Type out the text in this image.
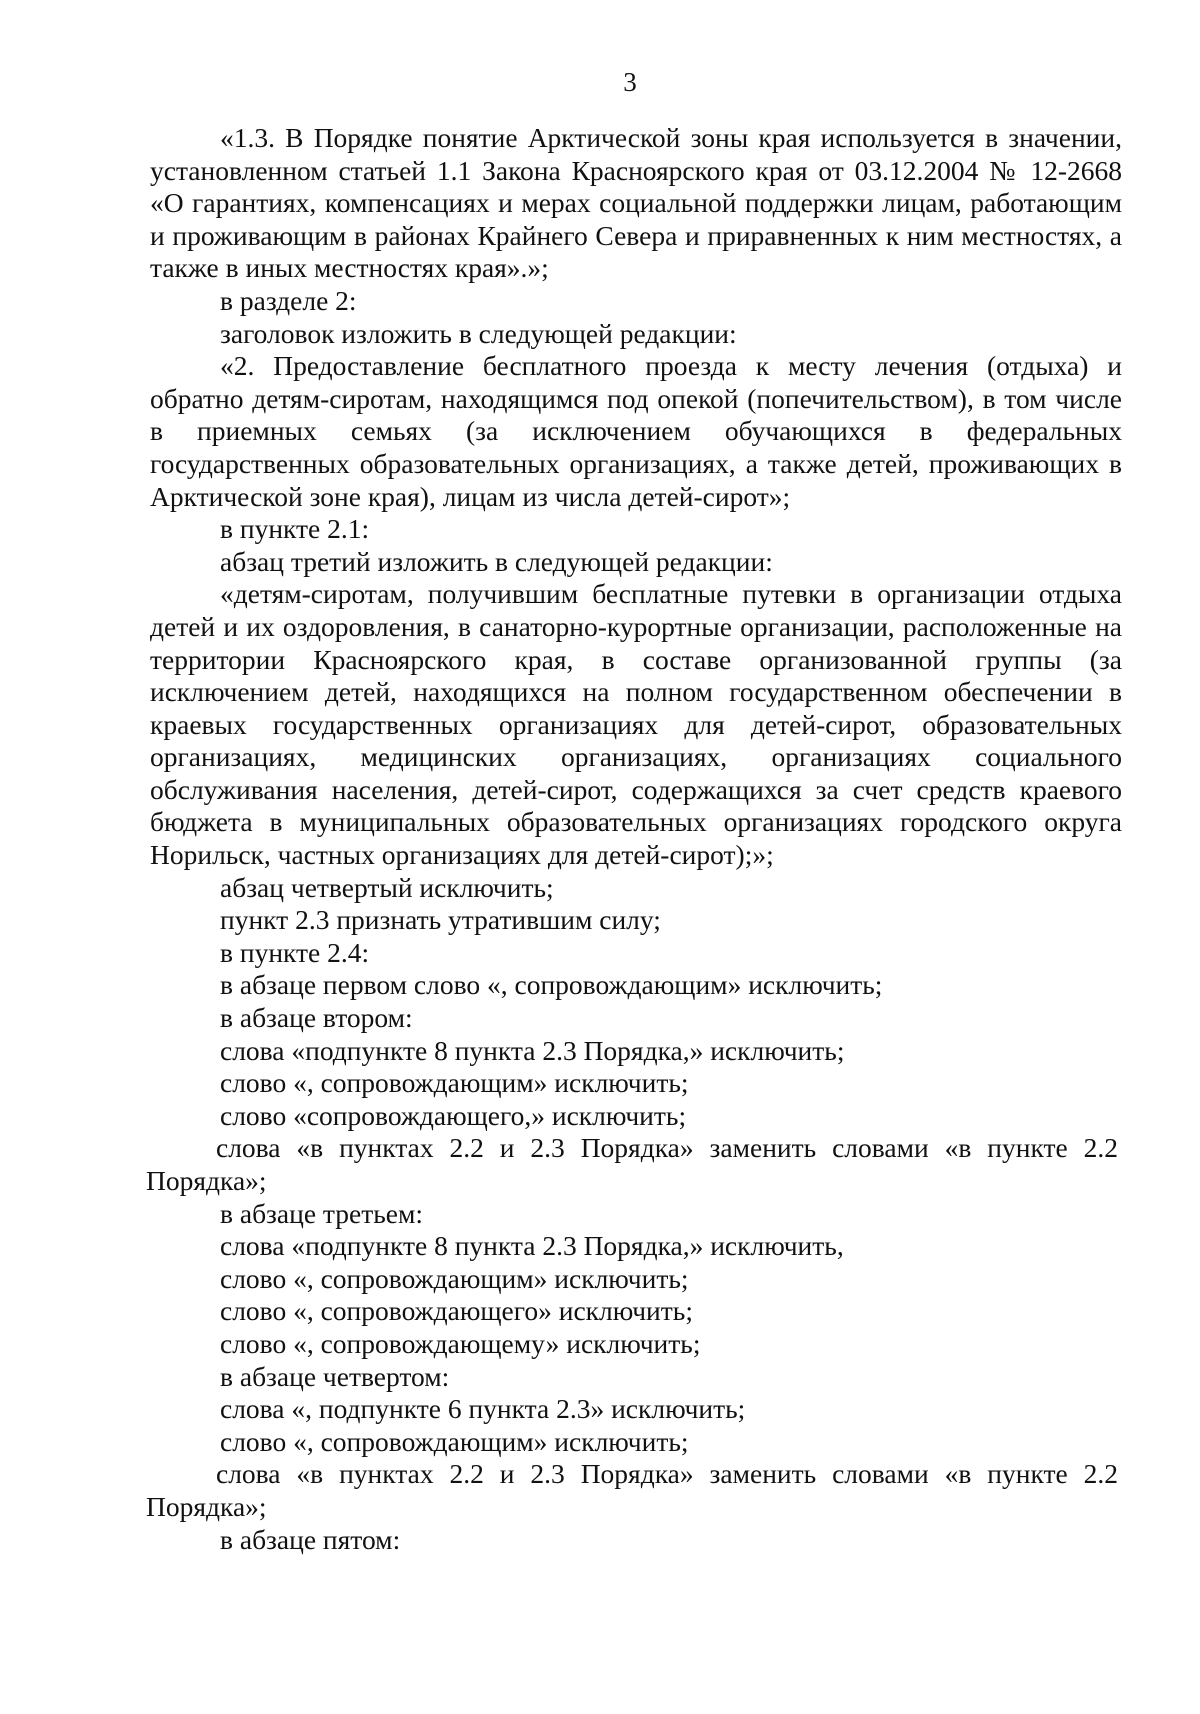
3

«1.3. В Порядке понятие Арктической зоны края используется в значении, установленном статьей 1.1 Закона Красноярского края от 03.12.2004 № 12-2668 «О гарантиях, компенсациях и мерах социальной поддержки лицам, работающим и проживающим в районах Крайнего Севера и приравненных к ним местностях, а также в иных местностях края».»;

в разделе 2:

заголовок изложить в следующей редакции:

«2. Предоставление бесплатного проезда к месту лечения (отдыха) и обратно детям-сиротам, находящимся под опекой (попечительством), в том числе в приемных семьях (за исключением обучающихся в федеральных государственных образовательных организациях, а также детей, проживающих в Арктической зоне края), лицам из числа детей-сирот»;

в пункте 2.1:

абзац третий изложить в следующей редакции:

«детям-сиротам, получившим бесплатные путевки в организации отдыха детей и их оздоровления, в санаторно-курортные организации, расположенные на территории Красноярского края, в составе организованной группы (за исключением детей, находящихся на полном государственном обеспечении в краевых государственных организациях для детей-сирот, образовательных организациях, медицинских организациях, организациях социального обслуживания населения, детей-сирот, содержащихся за счет средств краевого бюджета в муниципальных образовательных организациях городского округа Норильск, частных организациях для детей-сирот);»;

абзац четвертый исключить;

пункт 2.3 признать утратившим силу;

в пункте 2.4:

в абзаце первом слово «, сопровождающим» исключить;

в абзаце втором:

слова «подпункте 8 пункта 2.3 Порядка,» исключить;

слово «, сопровождающим» исключить;

слово «сопровождающего,» исключить;

слова «в пунктах 2.2 и 2.3 Порядка» заменить словами «в пункте 2.2 Порядка»;

в абзаце третьем:

слова «подпункте 8 пункта 2.3 Порядка,» исключить,

слово «, сопровождающим» исключить;

слово «, сопровождающего» исключить;

слово «, сопровождающему» исключить;

в абзаце четвертом:

слова «, подпункте 6 пункта 2.3» исключить;

слово «, сопровождающим» исключить;

слова «в пунктах 2.2 и 2.3 Порядка» заменить словами «в пункте 2.2 Порядка»;

в абзаце пятом:
